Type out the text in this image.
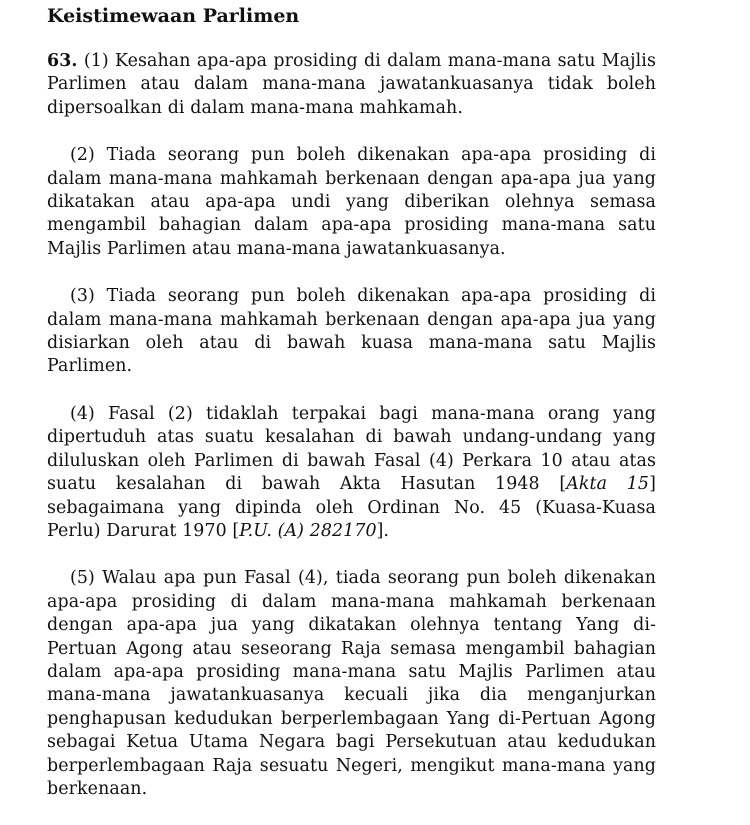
Keistimewaan Parlimen

63. (1) Kesahan apa-apa prosiding di dalam mana-mana satu Majlis Parlimen atau dalam mana-mana jawatankuasanya tidak boleh dipersoalkan di dalam mana-mana mahkamah.

(2) Tiada seorang pun boleh dikenakan apa-apa prosiding di dalam mana-mana mahkamah berkenaan dengan apa-apa jua yang dikatakan atau apa-apa undi yang diberikan olehnya semasa mengambil bahagian dalam apa-apa prosiding mana-mana satu Majlis Parlimen atau mana-mana jawatankuasanya.

(3) Tiada seorang pun boleh dikenakan apa-apa prosiding di dalam mana-mana mahkamah berkenaan dengan apa-apa jua yang disiarkan oleh atau di bawah kuasa mana-mana satu Majlis Parlimen.

(4) Fasal (2) tidaklah terpakai bagi mana-mana orang yang dipertuduh atas suatu kesalahan di bawah undang-undang yang diluluskan oleh Parlimen di bawah Fasal (4) Perkara 10 atau atas suatu kesalahan di bawah Akta Hasutan 1948 [Akta 15] sebagaimana yang dipinda oleh Ordinan No. 45 (Kuasa-Kuasa Perlu) Darurat 1970 [P.U. (A) 282170].

(5) Walau apa pun Fasal (4), tiada seorang pun boleh dikenakan apa-apa prosiding di dalam mana-mana mahkamah berkenaan dengan apa-apa jua yang dikatakan olehnya tentang Yang di-Pertuan Agong atau seseorang Raja semasa mengambil bahagian dalam apa-apa prosiding mana-mana satu Majlis Parlimen atau mana-mana jawatankuasanya kecuali jika dia menganjurkan penghapusan kedudukan berperlembagaan Yang di-Pertuan Agong sebagai Ketua Utama Negara bagi Persekutuan atau kedudukan berperlembagaan Raja sesuatu Negeri, mengikut mana-mana yang berkenaan.
